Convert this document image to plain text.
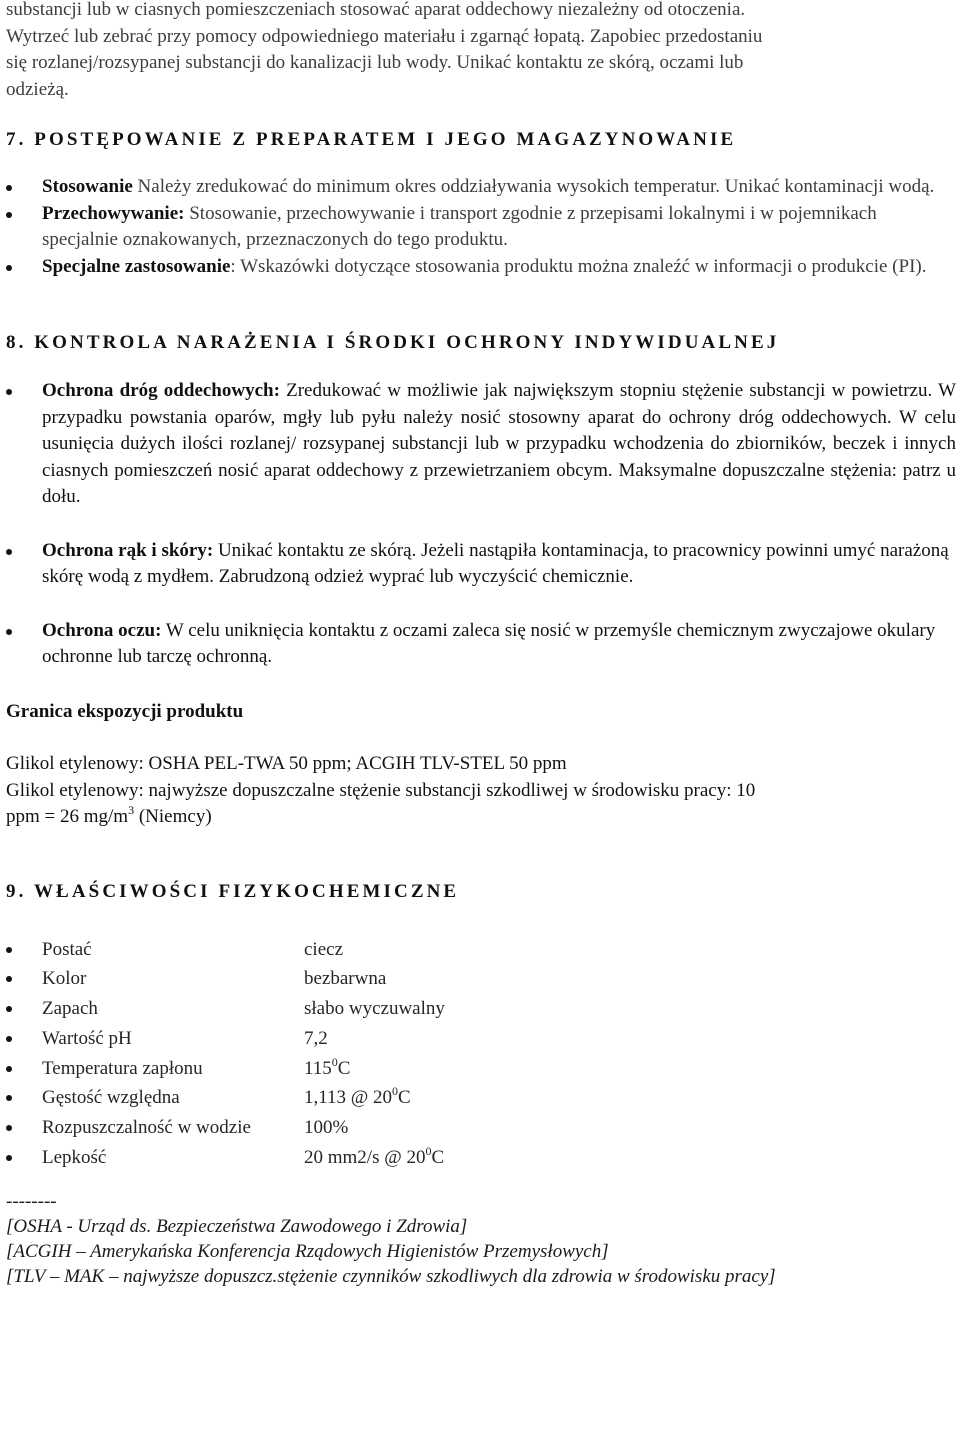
substancji lub w ciasnych pomieszczeniach stosować aparat oddechowy niezależny od otoczenia.

Wytrzeć lub zebrać przy pomocy odpowiedniego materiału i zgarnąć łopatą. Zapobiec przedostaniu

się rozlanej/rozsypanej substancji do kanalizacji lub wody. Unikać kontaktu ze skórą, oczami lub

odzieżą.

7. POSTĘPOWANIE Z PREPARATEM I JEGO MAGAZYNOWANIE
Stosowanie Należy zredukować do minimum okres oddziaływania wysokich temperatur. Unikać kontaminacji wodą.
Przechowywanie: Stosowanie, przechowywanie i transport zgodnie z przepisami lokalnymi i w pojemnikach specjalnie oznakowanych, przeznaczonych do tego produktu.
Specjalne zastosowanie: Wskazówki dotyczące stosowania produktu można znaleźć w informacji o produkcie (PI).
8. KONTROLA NARAŻENIA I ŚRODKI OCHRONY INDYWIDUALNEJ
Ochrona dróg oddechowych: Zredukować w możliwie jak największym stopniu stężenie substancji w powietrzu. W przypadku powstania oparów, mgły lub pyłu należy nosić stosowny aparat do ochrony dróg oddechowych. W celu usunięcia dużych ilości rozlanej/ rozsypanej substancji lub w przypadku wchodzenia do zbiorników, beczek i innych ciasnych pomieszczeń nosić aparat oddechowy z przewietrzaniem obcym. Maksymalne dopuszczalne stężenia: patrz u dołu.
Ochrona rąk i skóry: Unikać kontaktu ze skórą. Jeżeli nastąpiła kontaminacja, to pracownicy powinni umyć narażoną skórę wodą z mydłem. Zabrudzoną odzież wyprać lub wyczyścić chemicznie.
Ochrona oczu: W celu uniknięcia kontaktu z oczami zaleca się nosić w przemyśle chemicznym zwyczajowe okulary ochronne lub tarczę ochronną.

Granica ekspozycji produktu

Glikol etylenowy: OSHA PEL-TWA 50 ppm; ACGIH TLV-STEL 50 ppm

Glikol etylenowy: najwyższe dopuszczalne stężenie substancji szkodliwej w środowisku pracy: 10

ppm = 26 $mg/m^3$ (Niemcy)

9. WŁAŚCIWOŚCI FIZYKOCHEMICZNE
Postać	ciecz
Kolor	bezbarwna
Zapach	słabo wyczuwalny
Wartość pH	7,2
Temperatura zapłonu	$115^0C$
Gęstość względna	1,113 @ $20^0C$
Rozpuszczalność w wodzie	100%
Lepkość	20 mm2/s @ $20^0C$

--------

[OSHA - Urząd ds. Bezpieczeństwa Zawodowego i Zdrowia]

[ACGIH – Amerykańska Konferencja Rządowych Higienistów Przemysłowych]

[TLV – MAK – najwyższe dopuszcz.stężenie czynników szkodliwych dla zdrowia w środowisku pracy]
